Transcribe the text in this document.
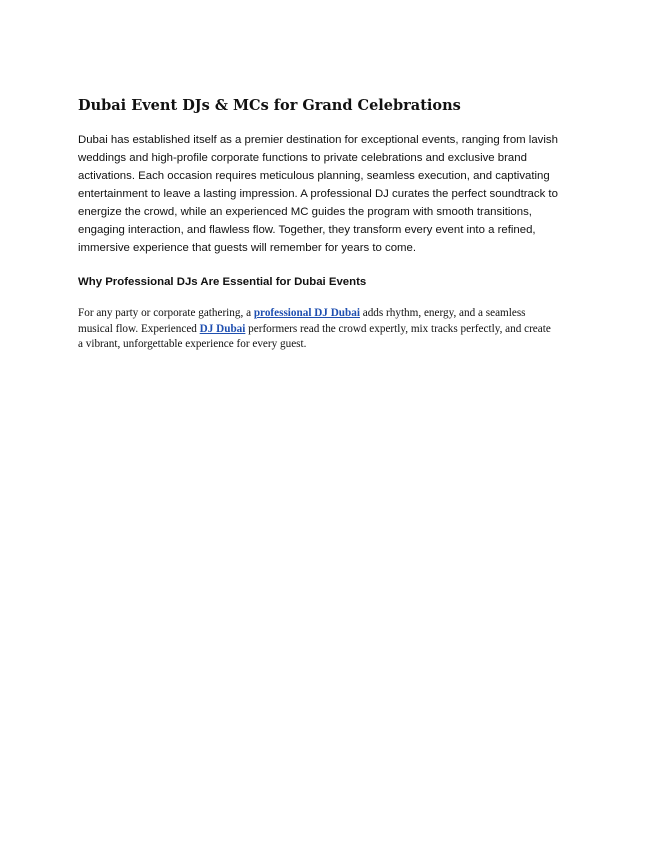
Dubai Event DJs & MCs for Grand Celebrations

Dubai has established itself as a premier destination for exceptional events, ranging from lavish
weddings and high-profile corporate functions to private celebrations and exclusive brand
activations. Each occasion requires meticulous planning, seamless execution, and captivating
entertainment to leave a lasting impression. A professional DJ curates the perfect soundtrack to
energize the crowd, while an experienced MC guides the program with smooth transitions,
engaging interaction, and flawless flow. Together, they transform every event into a refined,
immersive experience that guests will remember for years to come.

Why Professional DJs Are Essential for Dubai Events

For any party or corporate gathering, a professional DJ Dubai adds rhythm, energy, and a seamless
musical flow. Experienced DJ Dubai performers read the crowd expertly, mix tracks perfectly, and create
a vibrant, unforgettable experience for every guest.
